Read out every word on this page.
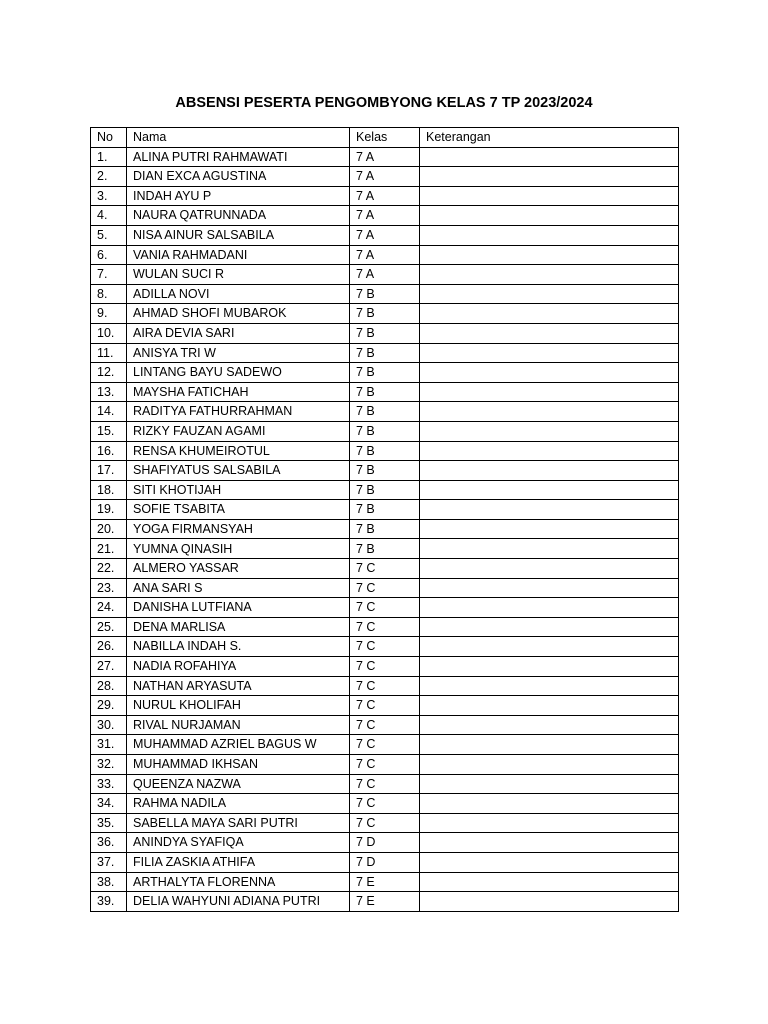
ABSENSI PESERTA PENGOMBYONG KELAS 7 TP 2023/2024
No	Nama	Kelas	Keterangan
1.	ALINA PUTRI RAHMAWATI	7 A	
2.	DIAN EXCA AGUSTINA	7 A	
3.	INDAH AYU P	7 A	
4.	NAURA QATRUNNADA	7 A	
5.	NISA AINUR SALSABILA	7 A	
6.	VANIA RAHMADANI	7 A	
7.	WULAN SUCI R	7 A	
8.	ADILLA NOVI	7 B	
9.	AHMAD SHOFI MUBAROK	7 B	
10.	AIRA DEVIA SARI	7 B	
11.	ANISYA TRI W	7 B	
12.	LINTANG BAYU SADEWO	7 B	
13.	MAYSHA FATICHAH	7 B	
14.	RADITYA FATHURRAHMAN	7 B	
15.	RIZKY FAUZAN AGAMI	7 B	
16.	RENSA KHUMEIROTUL	7 B	
17.	SHAFIYATUS SALSABILA	7 B	
18.	SITI KHOTIJAH	7 B	
19.	SOFIE TSABITA	7 B	
20.	YOGA FIRMANSYAH	7 B	
21.	YUMNA QINASIH	7 B	
22.	ALMERO YASSAR	7 C	
23.	ANA SARI S	7 C	
24.	DANISHA LUTFIANA	7 C	
25.	DENA MARLISA	7 C	
26.	NABILLA INDAH S.	7 C	
27.	NADIA ROFAHIYA	7 C	
28.	NATHAN ARYASUTA	7 C	
29.	NURUL KHOLIFAH	7 C	
30.	RIVAL NURJAMAN	7 C	
31.	MUHAMMAD AZRIEL BAGUS W	7 C	
32.	MUHAMMAD IKHSAN	7 C	
33.	QUEENZA NAZWA	7 C	
34.	RAHMA NADILA	7 C	
35.	SABELLA MAYA SARI PUTRI	7 C	
36.	ANINDYA SYAFIQA	7 D	
37.	FILIA ZASKIA ATHIFA	7 D	
38.	ARTHALYTA FLORENNA	7 E	
39.	DELIA WAHYUNI ADIANA PUTRI	7 E	
